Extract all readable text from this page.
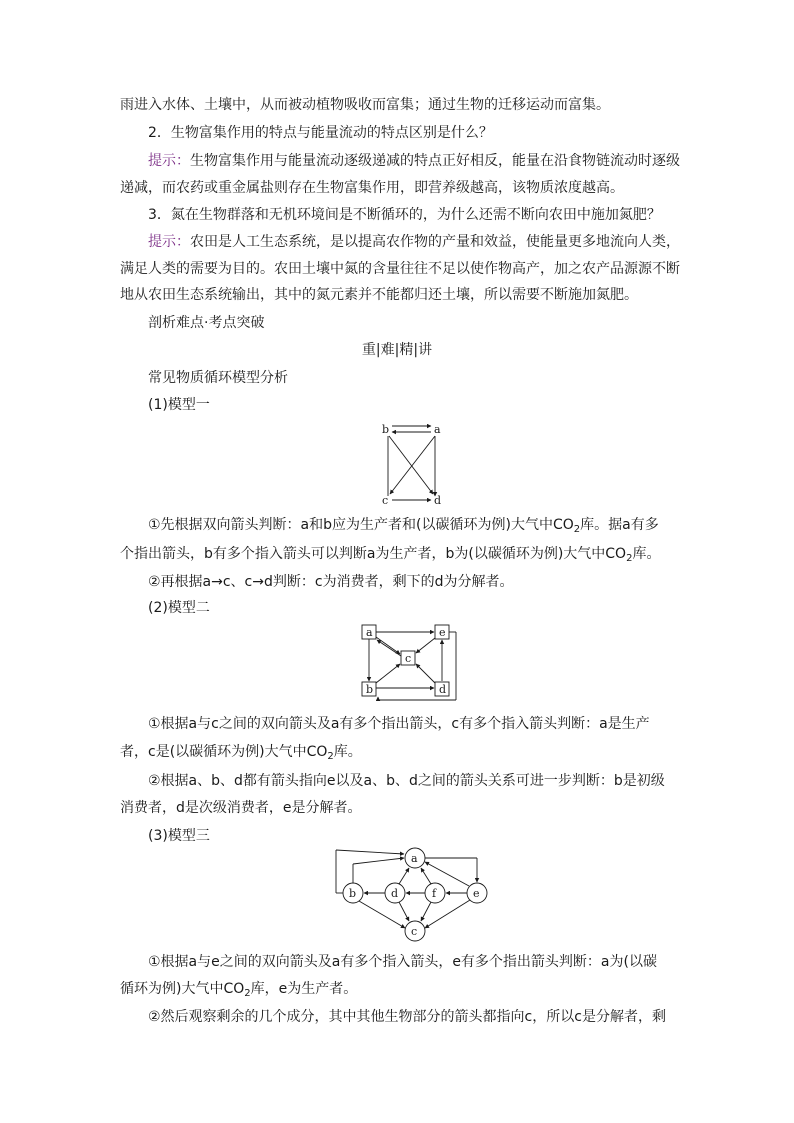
雨进入水体、土壤中，从而被动植物吸收而富集；通过生物的迁移运动而富集。
2．生物富集作用的特点与能量流动的特点区别是什么？
提示：生物富集作用与能量流动逐级递减的特点正好相反，能量在沿食物链流动时逐级
递减，而农药或重金属盐则存在生物富集作用，即营养级越高，该物质浓度越高。
3．氮在生物群落和无机环境间是不断循环的，为什么还需不断向农田中施加氮肥？
提示：农田是人工生态系统，是以提高农作物的产量和效益，使能量更多地流向人类，
满足人类的需要为目的。农田土壤中氮的含量往往不足以使作物高产，加之农产品源源不断
地从农田生态系统输出，其中的氮元素并不能都归还土壤，所以需要不断施加氮肥。
剖析难点·考点突破
重|难|精|讲
常见物质循环模型分析
(1)模型一
b	a
c	d
①先根据双向箭头判断：a和b应为生产者和(以碳循环为例)大气中$CO_2$库。据a有多
个指出箭头，b有多个指入箭头可以判断a为生产者，b为(以碳循环为例)大气中$CO_2$库。
②再根据a→c、c→d判断：c为消费者，剩下的d为分解者。
(2)模型二
a	e
c
b	d
①根据a与c之间的双向箭头及a有多个指出箭头，c有多个指入箭头判断：a是生产
者，c是(以碳循环为例)大气中$CO_2$库。
②根据a、b、d都有箭头指向e以及a、b、d之间的箭头关系可进一步判断：b是初级
消费者，d是次级消费者，e是分解者。
(3)模型三
a
b	d	f	e
c
①根据a与e之间的双向箭头及a有多个指入箭头，e有多个指出箭头判断：a为(以碳
循环为例)大气中$CO_2$库，e为生产者。
②然后观察剩余的几个成分，其中其他生物部分的箭头都指向c，所以c是分解者，剩
